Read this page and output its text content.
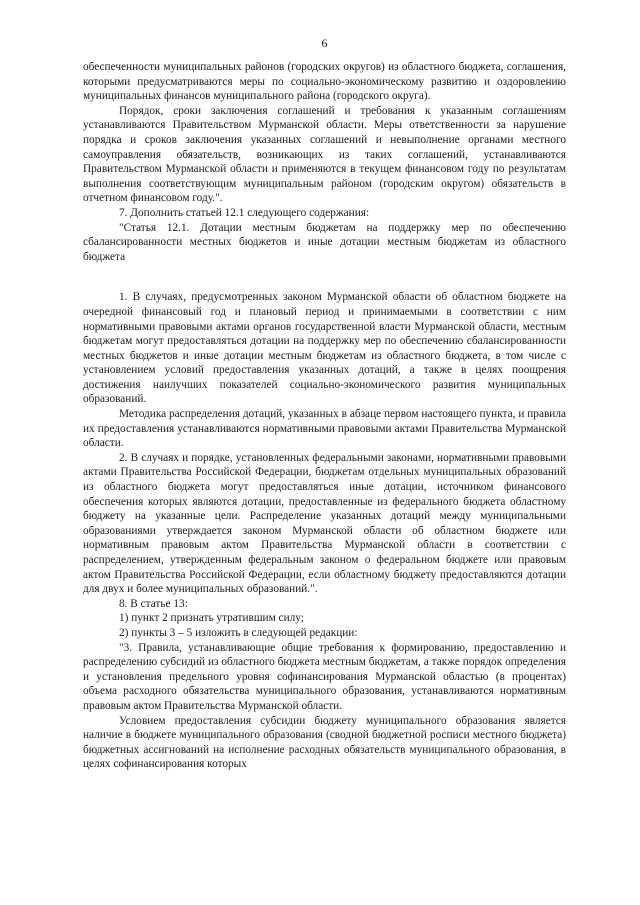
6

обеспеченности муниципальных районов (городских округов) из областного бюджета, соглашения, которыми предусматриваются меры по социально-экономическому развитию и оздоровлению муниципальных финансов муниципального района (городского округа).

Порядок, сроки заключения соглашений и требования к указанным соглашениям устанавливаются Правительством Мурманской области. Меры ответственности за нарушение порядка и сроков заключения указанных соглашений и невыполнение органами местного самоуправления обязательств, возникающих из таких соглашений, устанавливаются Правительством Мурманской области и применяются в текущем финансовом году по результатам выполнения соответствующим муниципальным районом (городским округом) обязательств в отчетном финансовом году.".

7. Дополнить статьей 12.1 следующего содержания:

"Статья 12.1. Дотации местным бюджетам на поддержку мер по обеспечению сбалансированности местных бюджетов и иные дотации местным бюджетам из областного бюджета

1. В случаях, предусмотренных законом Мурманской области об областном бюджете на очередной финансовый год и плановый период и принимаемыми в соответствии с ним нормативными правовыми актами органов государственной власти Мурманской области, местным бюджетам могут предоставляться дотации на поддержку мер по обеспечению сбалансированности местных бюджетов и иные дотации местным бюджетам из областного бюджета, в том числе с установлением условий предоставления указанных дотаций, а также в целях поощрения достижения наилучших показателей социально-экономического развития муниципальных образований.

Методика распределения дотаций, указанных в абзаце первом настоящего пункта, и правила их предоставления устанавливаются нормативными правовыми актами Правительства Мурманской области.

2. В случаях и порядке, установленных федеральными законами, нормативными правовыми актами Правительства Российской Федерации, бюджетам отдельных муниципальных образований из областного бюджета могут предоставляться иные дотации, источником финансового обеспечения которых являются дотации, предоставленные из федерального бюджета областному бюджету на указанные цели. Распределение указанных дотаций между муниципальными образованиями утверждается законом Мурманской области об областном бюджете или нормативным правовым актом Правительства Мурманской области в соответствии с распределением, утвержденным федеральным законом о федеральном бюджете или правовым актом Правительства Российской Федерации, если областному бюджету предоставляются дотации для двух и более муниципальных образований.".

8. В статье 13:

1) пункт 2 признать утратившим силу;

2) пункты 3 – 5 изложить в следующей редакции:

"3. Правила, устанавливающие общие требования к формированию, предоставлению и распределению субсидий из областного бюджета местным бюджетам, а также порядок определения и установления предельного уровня софинансирования Мурманской областью (в процентах) объема расходного обязательства муниципального образования, устанавливаются нормативным правовым актом Правительства Мурманской области.

Условием предоставления субсидии бюджету муниципального образования является наличие в бюджете муниципального образования (сводной бюджетной росписи местного бюджета) бюджетных ассигнований на исполнение расходных обязательств муниципального образования, в целях софинансирования которых
